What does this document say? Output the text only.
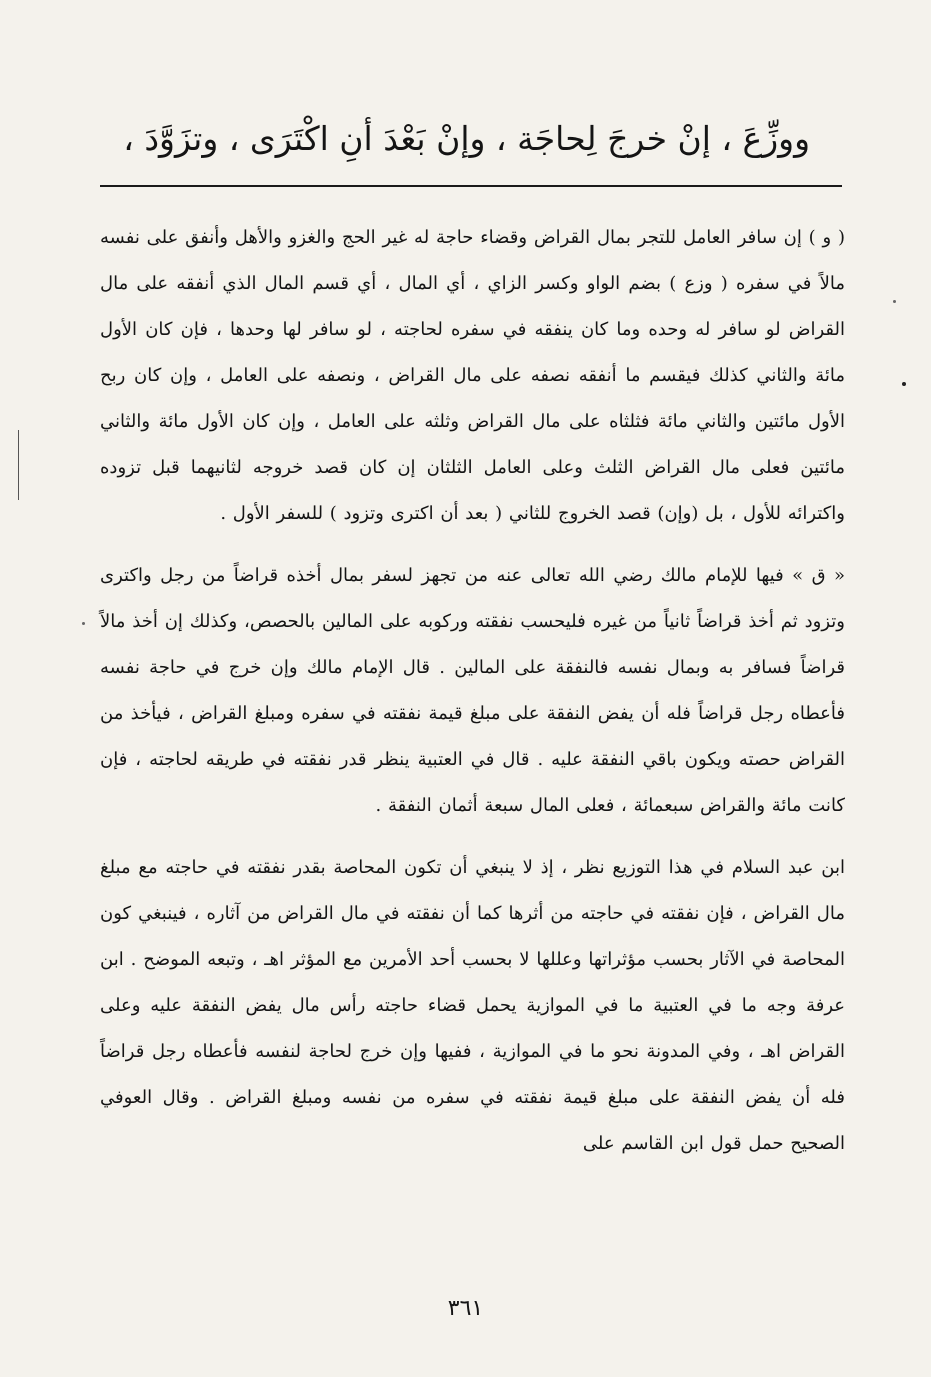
ووزِّعَ ، إنْ خرجَ لِحاجَة ، وإنْ بَعْدَ أنِ اكْتَرَى ، وتزَوَّدَ ،

( و ) إن سافر العامل للتجر بمال القراض وقضاء حاجة له غير الحج والغزو والأهل وأنفق على نفسه مالاً في سفره ( وزع ) بضم الواو وكسر الزاي ، أي المال ، أي قسم المال الذي أنفقه على مال القراض لو سافر له وحده وما كان ينفقه في سفره لحاجته ، لو سافر لها وحدها ، فإن كان الأول مائة والثاني كذلك فيقسم ما أنفقه نصفه على مال القراض ، ونصفه على العامل ، وإن كان ربح الأول مائتين والثاني مائة فثلثاه على مال القراض وثلثه على العامل ، وإن كان الأول مائة والثاني مائتين فعلى مال القراض الثلث وعلى العامل الثلثان إن كان قصد خروجه لثانيهما قبل تزوده واكترائه للأول ، بل (وإن) قصد الخروج للثاني ( بعد أن اكترى وتزود ) للسفر الأول .

« ق » فيها للإمام مالك رضي الله تعالى عنه من تجهز لسفر بمال أخذه قراضاً من رجل واكترى وتزود ثم أخذ قراضاً ثانياً من غيره فليحسب نفقته وركوبه على المالين بالحصص، وكذلك إن أخذ مالاً قراضاً فسافر به وبمال نفسه فالنفقة على المالين . قال الإمام مالك وإن خرج في حاجة نفسه فأعطاه رجل قراضاً فله أن يفض النفقة على مبلغ قيمة نفقته في سفره ومبلغ القراض ، فيأخذ من القراض حصته ويكون باقي النفقة عليه . قال في العتبية ينظر قدر نفقته في طريقه لحاجته ، فإن كانت مائة والقراض سبعمائة ، فعلى المال سبعة أثمان النفقة .

ابن عبد السلام في هذا التوزيع نظر ، إذ لا ينبغي أن تكون المحاصة بقدر نفقته في حاجته مع مبلغ مال القراض ، فإن نفقته في حاجته من أثرها كما أن نفقته في مال القراض من آثاره ، فينبغي كون المحاصة في الآثار بحسب مؤثراتها وعللها لا بحسب أحد الأمرين مع المؤثر اهـ ، وتبعه الموضح . ابن عرفة وجه ما في العتبية ما في الموازية يحمل قضاء حاجته رأس مال يفض النفقة عليه وعلى القراض اهـ ، وفي المدونة نحو ما في الموازية ، ففيها وإن خرج لحاجة لنفسه فأعطاه رجل قراضاً فله أن يفض النفقة على مبلغ قيمة نفقته في سفره من نفسه ومبلغ القراض . وقال العوفي الصحيح حمل قول ابن القاسم على

٣٦١
